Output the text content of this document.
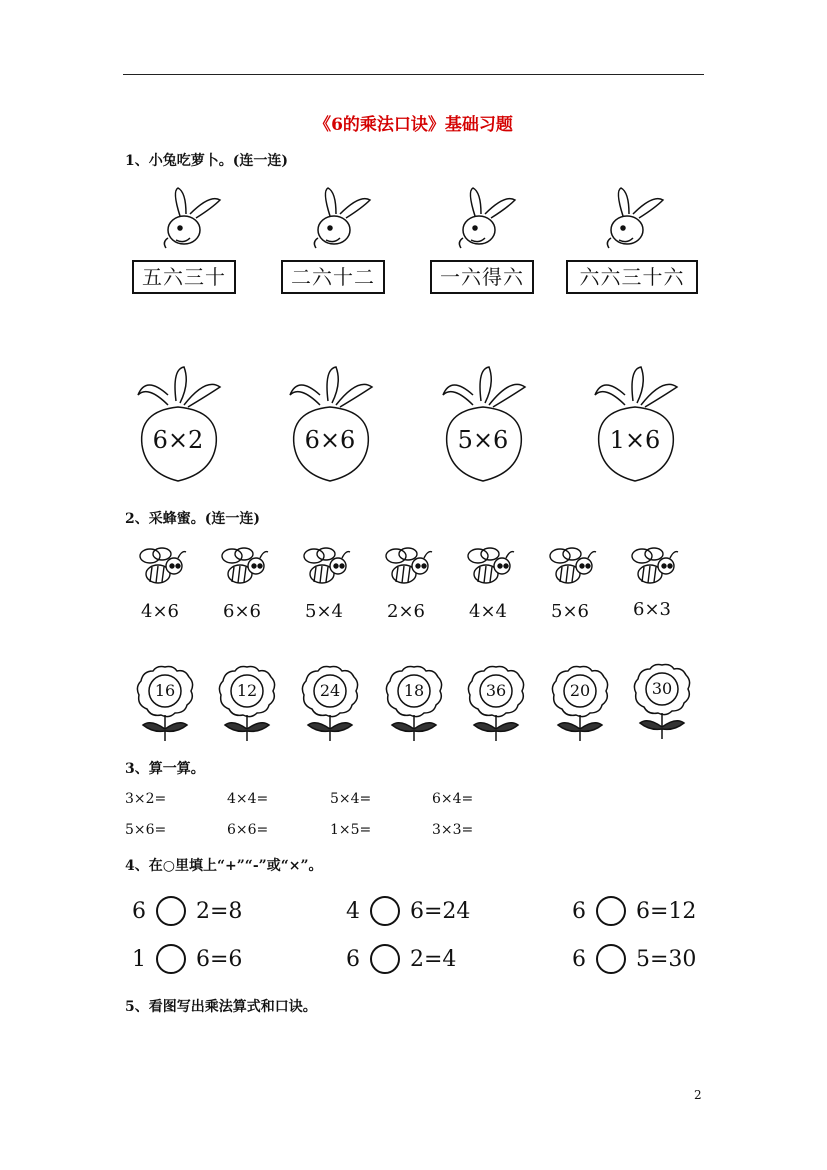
《6的乘法口诀》基础习题
1、小兔吃萝卜。(连一连)
五六三十	二六十二	一六得六	六六三十六
6×2	6×6	5×6	1×6
2、采蜂蜜。(连一连)
4×6	6×6	5×4	2×6	4×4	5×6	6×3
16	12	24	18	36	20	30
3、算一算。
3×2=	4×4=	5×4=	6×4=
5×6=	6×6=	1×5=	3×3=
4、在○里填上“+”“-”或“×”。
6 2=8	4 6=24	6 6=12
1 6=6	6 2=4	6 5=30
5、看图写出乘法算式和口诀。
2
